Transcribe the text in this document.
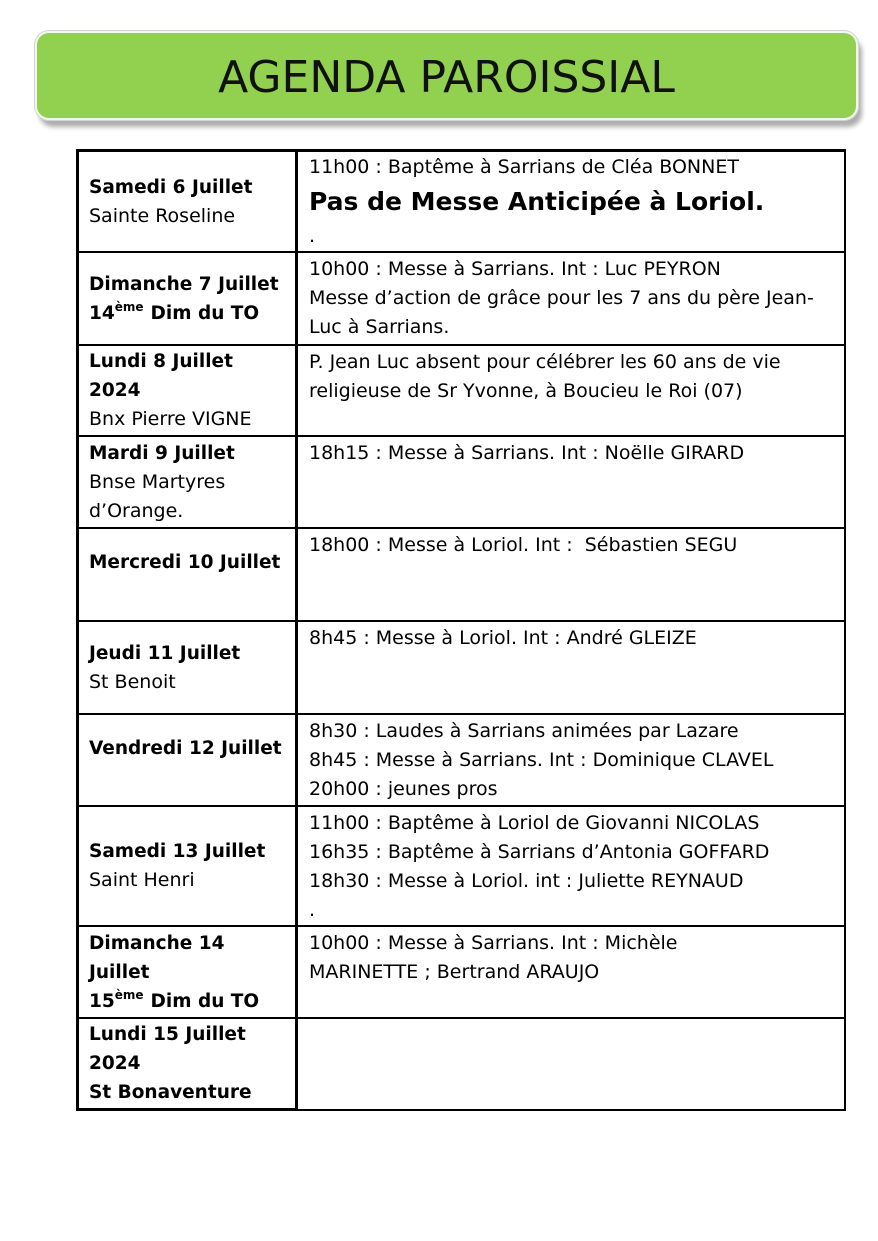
AGENDA PAROISSIAL
Samedi 6 Juillet
Sainte Roseline
11h00 : Baptême à Sarrians de Cléa BONNET
Pas de Messe Anticipée à Loriol.
.
Dimanche 7 Juillet
14ème Dim du TO
10h00 : Messe à Sarrians. Int : Luc PEYRON
Messe d’action de grâce pour les 7 ans du père Jean-
Luc à Sarrians.
Lundi 8 Juillet
2024
Bnx Pierre VIGNE
P. Jean Luc absent pour célébrer les 60 ans de vie
religieuse de Sr Yvonne, à Boucieu le Roi (07)
Mardi 9 Juillet
Bnse Martyres
d’Orange.
18h15 : Messe à Sarrians. Int : Noëlle GIRARD
Mercredi 10 Juillet
18h00 : Messe à Loriol. Int :  Sébastien SEGU
Jeudi 11 Juillet
St Benoit
8h45 : Messe à Loriol. Int : André GLEIZE
Vendredi 12 Juillet
8h30 : Laudes à Sarrians animées par Lazare
8h45 : Messe à Sarrians. Int : Dominique CLAVEL
20h00 : jeunes pros
Samedi 13 Juillet
Saint Henri
11h00 : Baptême à Loriol de Giovanni NICOLAS
16h35 : Baptême à Sarrians d’Antonia GOFFARD
18h30 : Messe à Loriol. int : Juliette REYNAUD
.
Dimanche 14
Juillet
15ème Dim du TO
10h00 : Messe à Sarrians. Int : Michèle
MARINETTE ; Bertrand ARAUJO
Lundi 15 Juillet
2024
St Bonaventure
